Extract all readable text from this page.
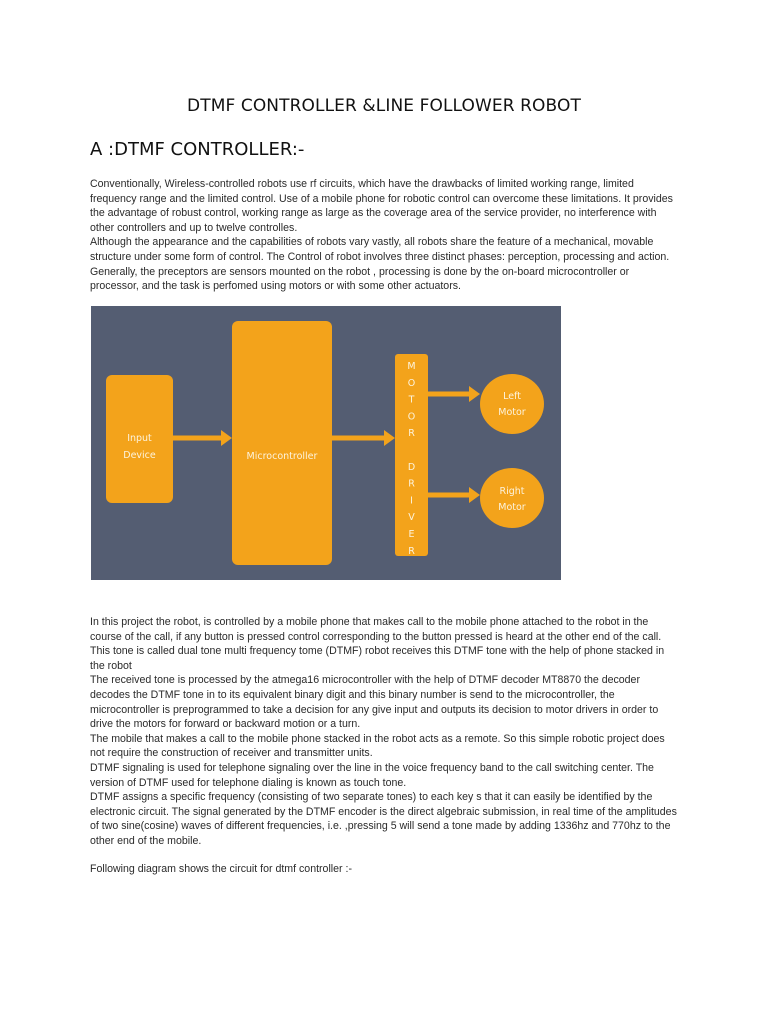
DTMF CONTROLLER &LINE FOLLOWER ROBOT
A :DTMF CONTROLLER:-

Conventionally, Wireless-controlled robots use rf circuits, which have the drawbacks of limited working range, limited frequency range and the limited control. Use of a mobile phone for robotic control can overcome these limitations. It provides the advantage of robust control, working range as large as the coverage area of the service provider, no interference with other controllers and up to twelve controlles.

Although the appearance and the capabilities of robots vary vastly, all robots share the feature of a mechanical, movable structure under some form of control. The Control of robot involves three distinct phases: perception, processing and action. Generally, the preceptors are sensors mounted on the robot , processing is done by the on-board microcontroller or processor, and the task is perfomed using motors or with some other actuators.

Input
Device	Microcontroller
M
O
T
O
R
D
R
I
V
E
R
Left
Motor
Right
Motor

In this project the robot, is controlled by a mobile phone that makes call to the mobile phone attached to the robot in the course of the call, if any button is pressed control corresponding to the button pressed is heard at the other end of the call. This tone is called dual tone multi frequency tome (DTMF) robot receives this DTMF tone with the help of phone stacked in the robot

The received tone is processed by the atmega16 microcontroller with the help of DTMF decoder MT8870 the decoder decodes the DTMF tone in to its equivalent binary digit and this binary number is send to the microcontroller, the microcontroller is preprogrammed to take a decision for any give input and outputs its decision to motor drivers in order to drive the motors for forward or backward motion or a turn.

The mobile that makes a call to the mobile phone stacked in the robot acts as a remote. So this simple robotic project does not require the construction of receiver and transmitter units.

DTMF signaling is used for telephone signaling over the line in the voice frequency band to the call switching center. The version of DTMF used for telephone dialing is known as touch tone.

DTMF assigns a specific frequency (consisting of two separate tones) to each key s that it can easily be identified by the electronic circuit. The signal generated by the DTMF encoder is the direct algebraic submission, in real time of the amplitudes of two sine(cosine) waves of different frequencies, i.e. ,pressing 5 will send a tone made by adding 1336hz and 770hz to the other end of the mobile.

Following diagram shows the circuit for dtmf controller :-
